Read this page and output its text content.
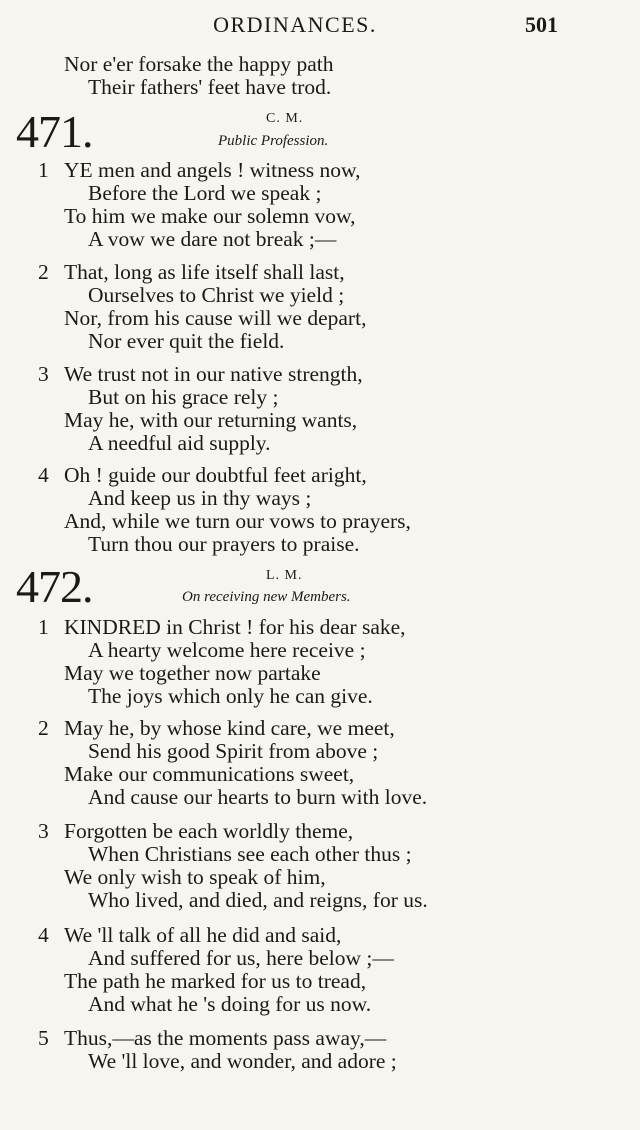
ORDINANCES.	501
Nor e'er forsake the happy path
Their fathers' feet have trod.
471.	C. M.
Public Profession.
1 YE men and angels ! witness now,
Before the Lord we speak ;
To him we make our solemn vow,
A vow we dare not break ;—
2 That, long as life itself shall last,
Ourselves to Christ we yield ;
Nor, from his cause will we depart,
Nor ever quit the field.
3 We trust not in our native strength,
But on his grace rely ;
May he, with our returning wants,
A needful aid supply.
4 Oh ! guide our doubtful feet aright,
And keep us in thy ways ;
And, while we turn our vows to prayers,
Turn thou our prayers to praise.
472.	L. M.
On receiving new Members.
1 KINDRED in Christ ! for his dear sake,
A hearty welcome here receive ;
May we together now partake
The joys which only he can give.
2 May he, by whose kind care, we meet,
Send his good Spirit from above ;
Make our communications sweet,
And cause our hearts to burn with love.
3 Forgotten be each worldly theme,
When Christians see each other thus ;
We only wish to speak of him,
Who lived, and died, and reigns, for us.
4 We 'll talk of all he did and said,
And suffered for us, here below ;—
The path he marked for us to tread,
And what he 's doing for us now.
5 Thus,—as the moments pass away,—
We 'll love, and wonder, and adore ;
